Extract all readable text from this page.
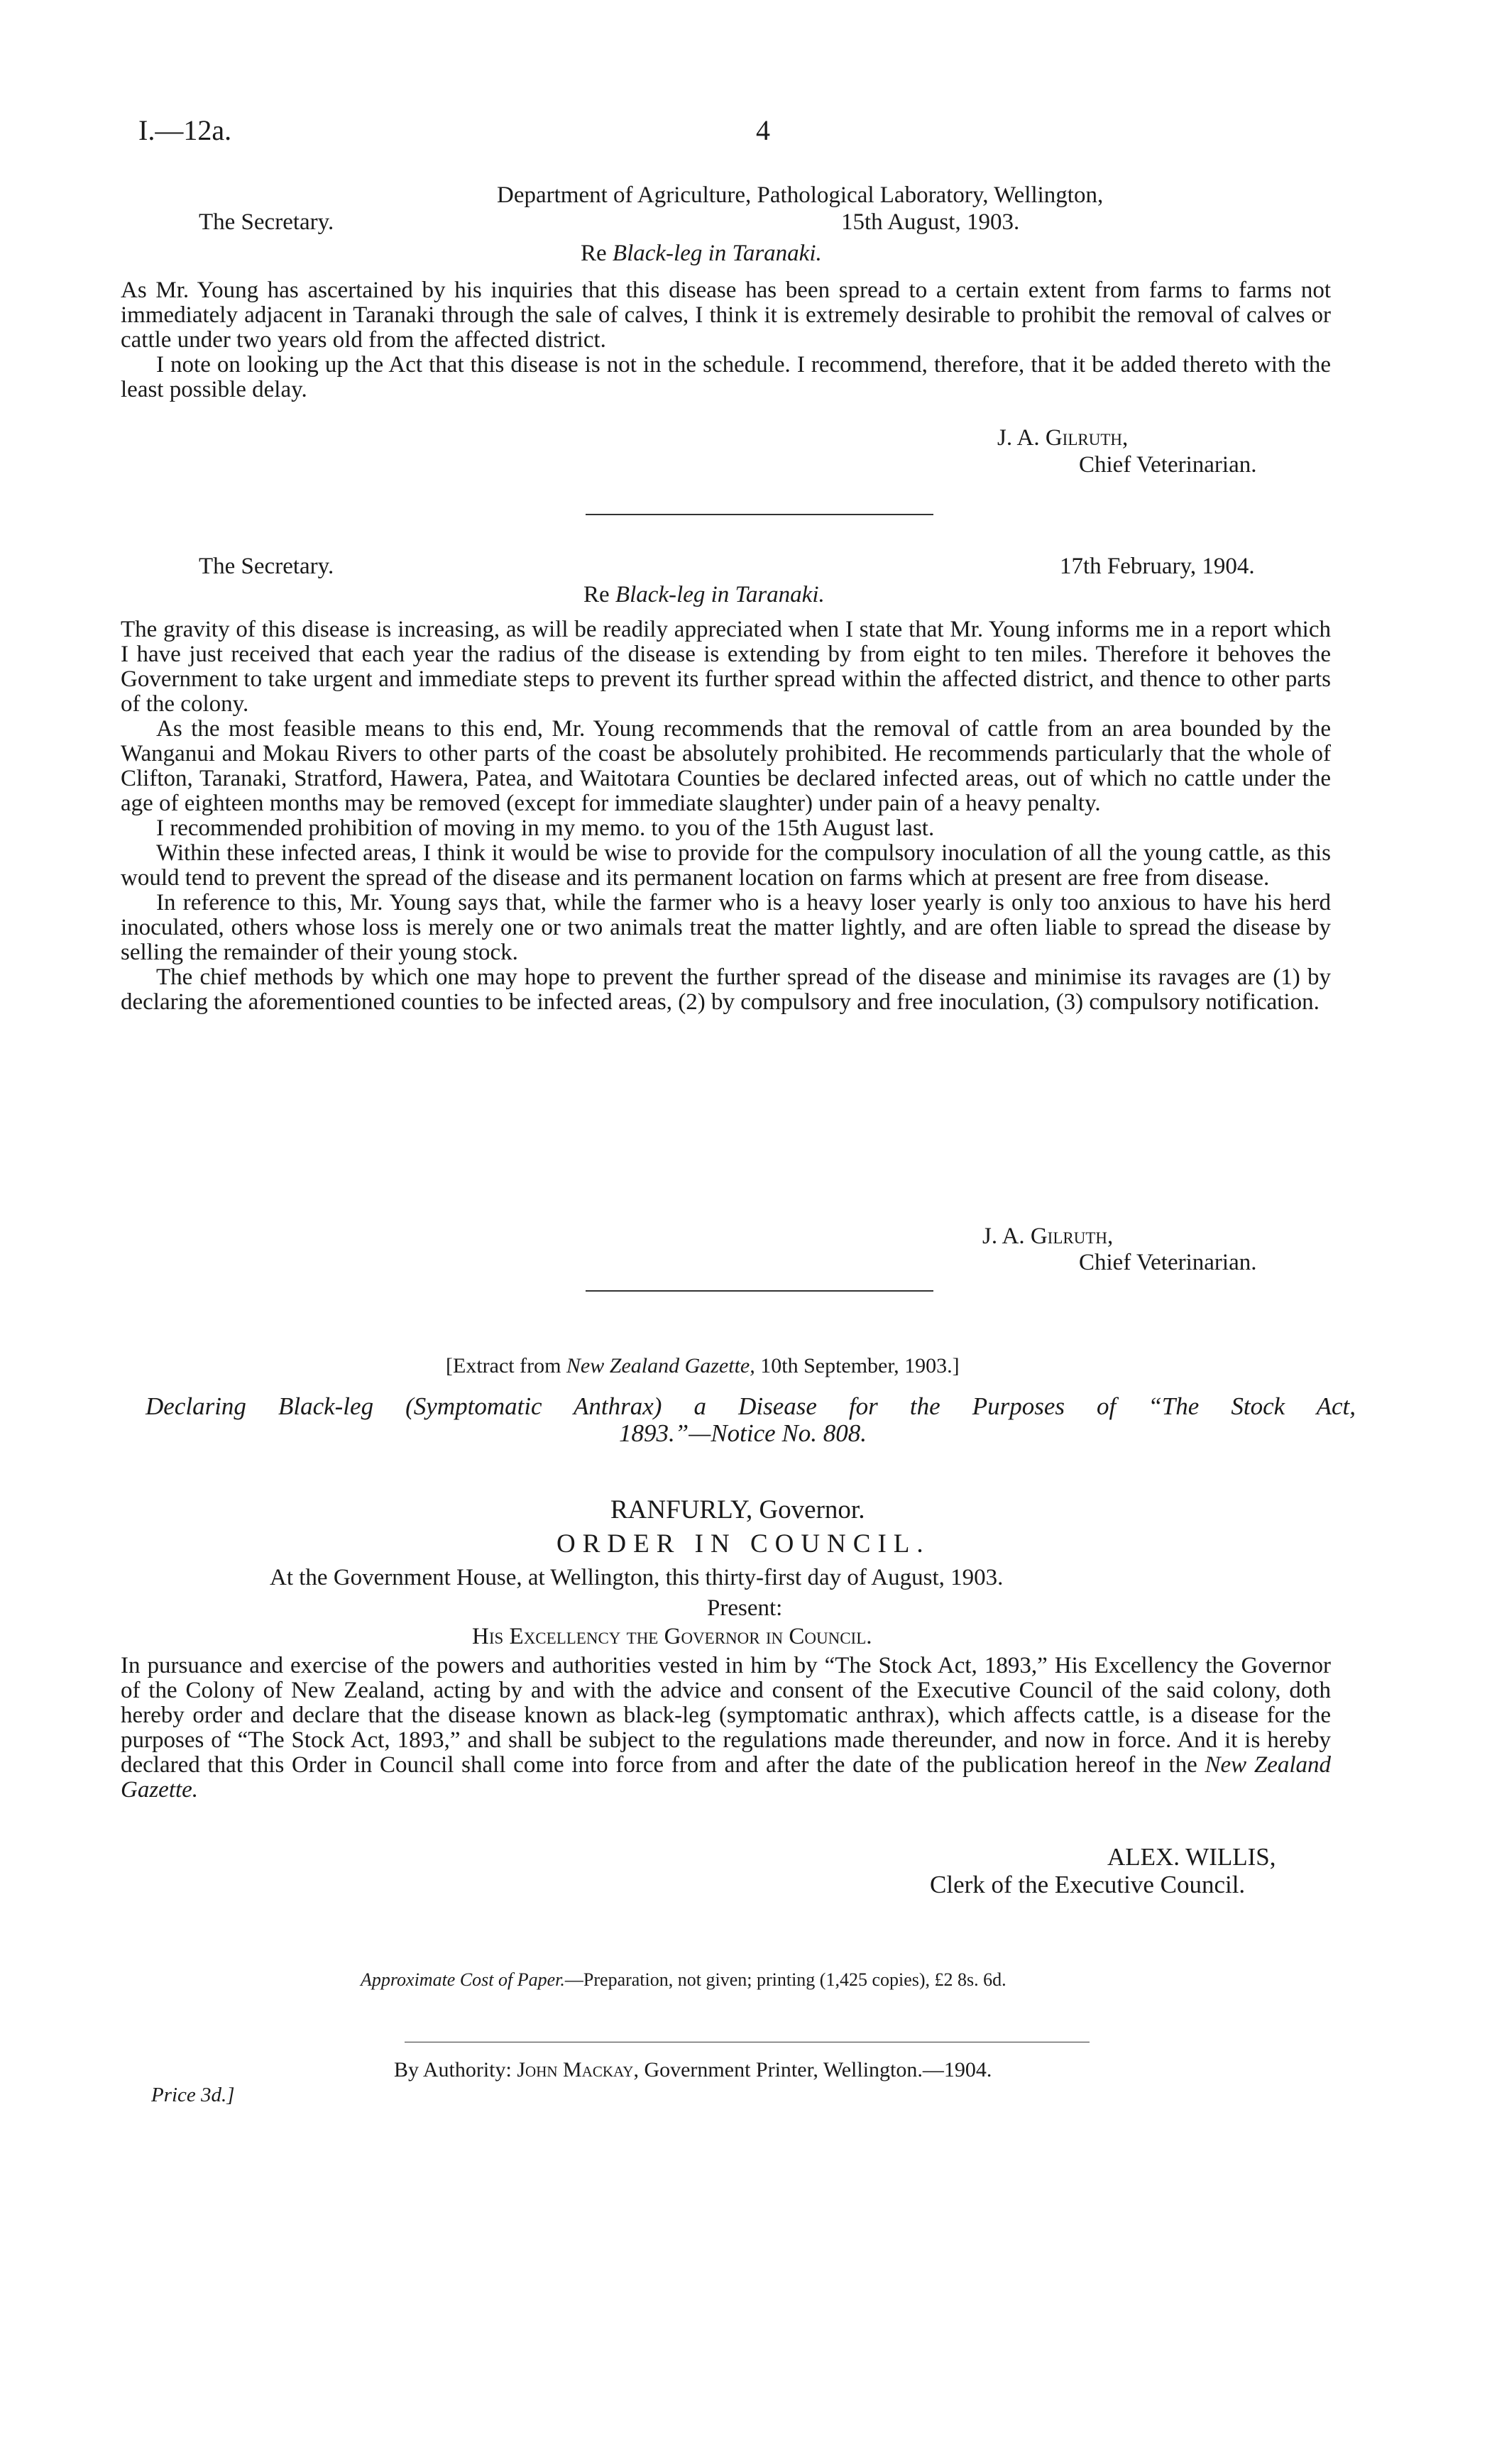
I.—12a.	4
The Secretary.
Department of Agriculture, Pathological Laboratory, Wellington,
15th August, 1903.
Re Black-leg in Taranaki.

As Mr. Young has ascertained by his inquiries that this disease has been spread to a certain extent from farms to farms not immediately adjacent in Taranaki through the sale of calves, I think it is extremely desirable to prohibit the removal of calves or cattle under two years old from the affected district.

I note on looking up the Act that this disease is not in the schedule. I recommend, therefore, that it be added thereto with the least possible delay.

J. A. Gilruth,
Chief Veterinarian.
The Secretary.	17th February, 1904.
Re Black-leg in Taranaki.

The gravity of this disease is increasing, as will be readily appreciated when I state that Mr. Young informs me in a report which I have just received that each year the radius of the disease is extending by from eight to ten miles. Therefore it behoves the Government to take urgent and immediate steps to prevent its further spread within the affected district, and thence to other parts of the colony.

As the most feasible means to this end, Mr. Young recommends that the removal of cattle from an area bounded by the Wanganui and Mokau Rivers to other parts of the coast be absolutely prohibited. He recommends particularly that the whole of Clifton, Taranaki, Stratford, Hawera, Patea, and Waitotara Counties be declared infected areas, out of which no cattle under the age of eighteen months may be removed (except for immediate slaughter) under pain of a heavy penalty.

I recommended prohibition of moving in my memo. to you of the 15th August last.

Within these infected areas, I think it would be wise to provide for the compulsory inoculation of all the young cattle, as this would tend to prevent the spread of the disease and its permanent location on farms which at present are free from disease.

In reference to this, Mr. Young says that, while the farmer who is a heavy loser yearly is only too anxious to have his herd inoculated, others whose loss is merely one or two animals treat the matter lightly, and are often liable to spread the disease by selling the remainder of their young stock.

The chief methods by which one may hope to prevent the further spread of the disease and minimise its ravages are (1) by declaring the aforementioned counties to be infected areas, (2) by compulsory and free inoculation, (3) compulsory notification.

J. A. Gilruth,
Chief Veterinarian.
[Extract from New Zealand Gazette, 10th September, 1903.]
Declaring Black-leg (Symptomatic Anthrax) a Disease for the Purposes of “The Stock Act,
1893.”—Notice No. 808.
RANFURLY, Governor.
ORDER IN COUNCIL.
At the Government House, at Wellington, this thirty-first day of August, 1903.
Present:
His Excellency the Governor in Council.

In pursuance and exercise of the powers and authorities vested in him by “The Stock Act, 1893,” His Excellency the Governor of the Colony of New Zealand, acting by and with the advice and consent of the Executive Council of the said colony, doth hereby order and declare that the disease known as black-leg (symptomatic anthrax), which affects cattle, is a disease for the purposes of “The Stock Act, 1893,” and shall be subject to the regulations made thereunder, and now in force. And it is hereby declared that this Order in Council shall come into force from and after the date of the publication hereof in the New Zealand Gazette.

ALEX. WILLIS,
Clerk of the Executive Council.
Approximate Cost of Paper.—Preparation, not given; printing (1,425 copies), £2 8s. 6d.
By Authority: John Mackay, Government Printer, Wellington.—1904.
Price 3d.]
